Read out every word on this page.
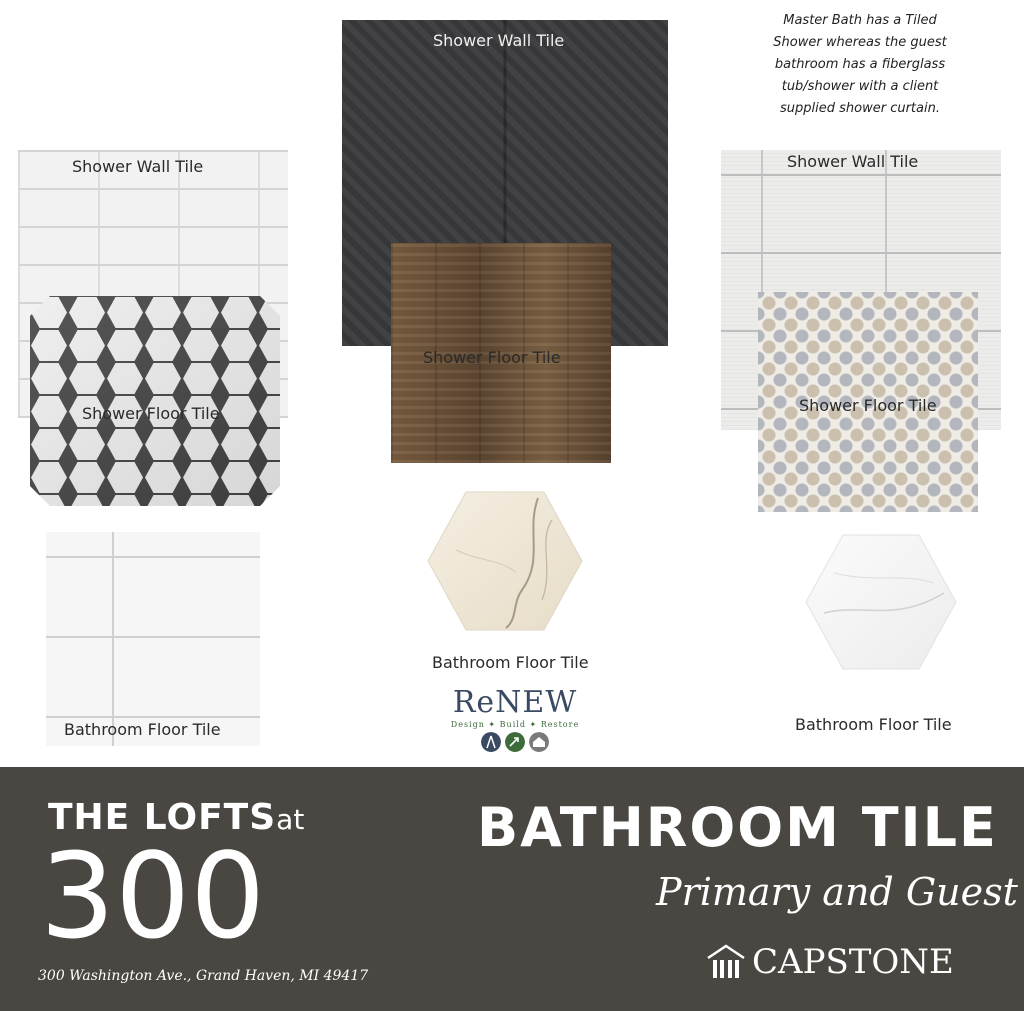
Master Bath has a Tiled
Shower whereas the guest
bathroom has a fiberglass
tub/shower with a client
supplied shower curtain.
Shower Wall Tile
Shower Floor Tile
Shower Wall Tile
Shower Floor Tile
Shower Wall Tile
Shower Floor Tile
Bathroom Floor Tile
Bathroom Floor Tile
Bathroom Floor Tile
ReNEW
Design ✦ Build ✦ Restore
THE LOFTSat
300
300 Washington Ave., Grand Haven, MI 49417
BATHROOM TILE
Primary and Guest
CAPSTONE
